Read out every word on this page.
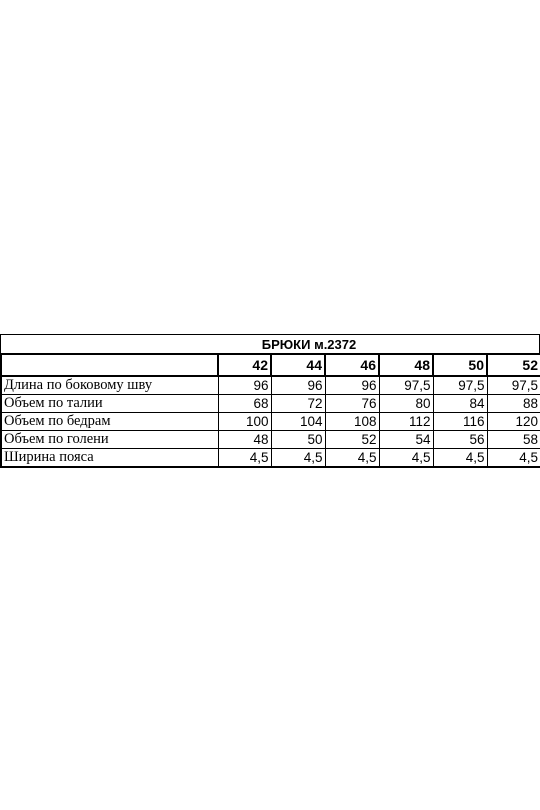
БРЮКИ м.2372
	42	44	46	48	50	52
Длина по боковому шву	96	96	96	97,5	97,5	97,5
Объем по талии	68	72	76	80	84	88
Объем по бедрам	100	104	108	112	116	120
Объем по голени	48	50	52	54	56	58
Ширина пояса	4,5	4,5	4,5	4,5	4,5	4,5
